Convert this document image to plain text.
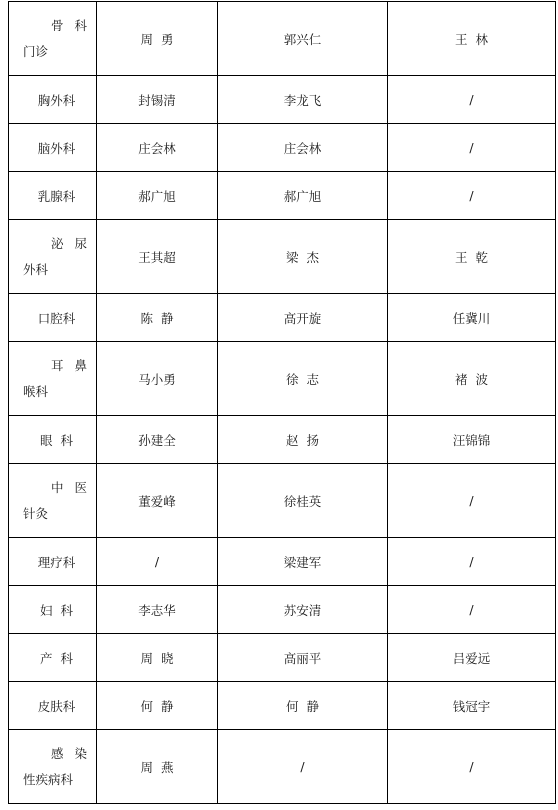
骨科门诊	周  勇	郭兴仁	王  林

胸外科	封锡清	李龙飞	/

脑外科	庄会林	庄会林	/

乳腺科	郝广旭	郝广旭	/

泌尿外科	王其超	梁  杰	王  乾

口腔科	陈  静	高开旋	任冀川

耳鼻喉科	马小勇	徐  志	褚  波

眼  科	孙建全	赵  扬	汪锦锦

中医针灸	董爱峰	徐桂英	/

理疗科	/	梁建军	/

妇  科	李志华	苏安清	/

产  科	周  晓	高丽平	吕爱远

皮肤科	何  静	何  静	钱冠宇

感染性疾病科	周  燕	/	/
